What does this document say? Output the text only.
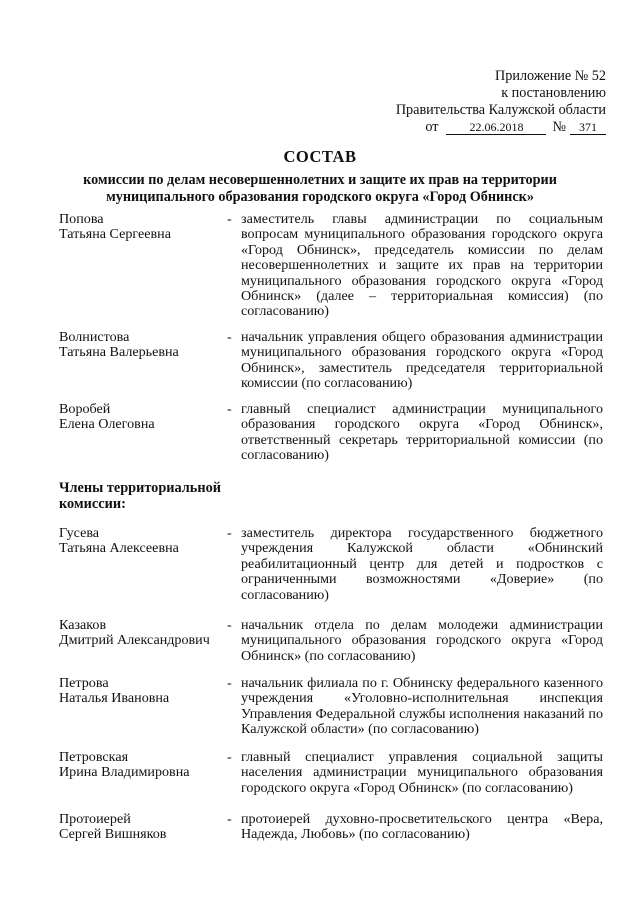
Приложение № 52
к постановлению
Правительства Калужской области
от	22.06.2018 № 371
СОСТАВ
комиссии по делам несовершеннолетних и защите их прав на территории муниципального образования городского округа «Город Обнинск»
Попова
Татьяна Сергеевна
- заместитель главы администрации по социальным вопросам муниципального образования городского округа «Город Обнинск», председатель комиссии по делам несовершеннолетних и защите их прав на территории муниципального образования городского округа «Город Обнинск» (далее – территориальная комиссия) (по согласованию)
Волнистова
Татьяна Валерьевна
- начальник управления общего образования администрации муниципального образования городского округа «Город Обнинск», заместитель председателя территориальной комиссии (по согласованию)
Воробей
Елена Олеговна
- главный специалист администрации муниципального образования городского округа «Город Обнинск», ответственный секретарь территориальной комиссии (по согласованию)
Члены территориальной комиссии:
Гусева
Татьяна Алексеевна
- заместитель директора государственного бюджетного учреждения Калужской области «Обнинский реабилитационный центр для детей и подростков с ограниченными возможностями «Доверие» (по согласованию)
Казаков
Дмитрий Александрович
- начальник отдела по делам молодежи администрации муниципального образования городского округа «Город Обнинск» (по согласованию)
Петрова
Наталья Ивановна
- начальник филиала по г. Обнинску федерального казенного учреждения «Уголовно-исполнительная инспекция Управления Федеральной службы исполнения наказаний по Калужской области» (по согласованию)
Петровская
Ирина Владимировна
- главный специалист управления социальной защиты населения администрации муниципального образования городского округа «Город Обнинск» (по согласованию)
Протоиерей
Сергей Вишняков
- протоиерей духовно-просветительского центра «Вера, Надежда, Любовь» (по согласованию)
